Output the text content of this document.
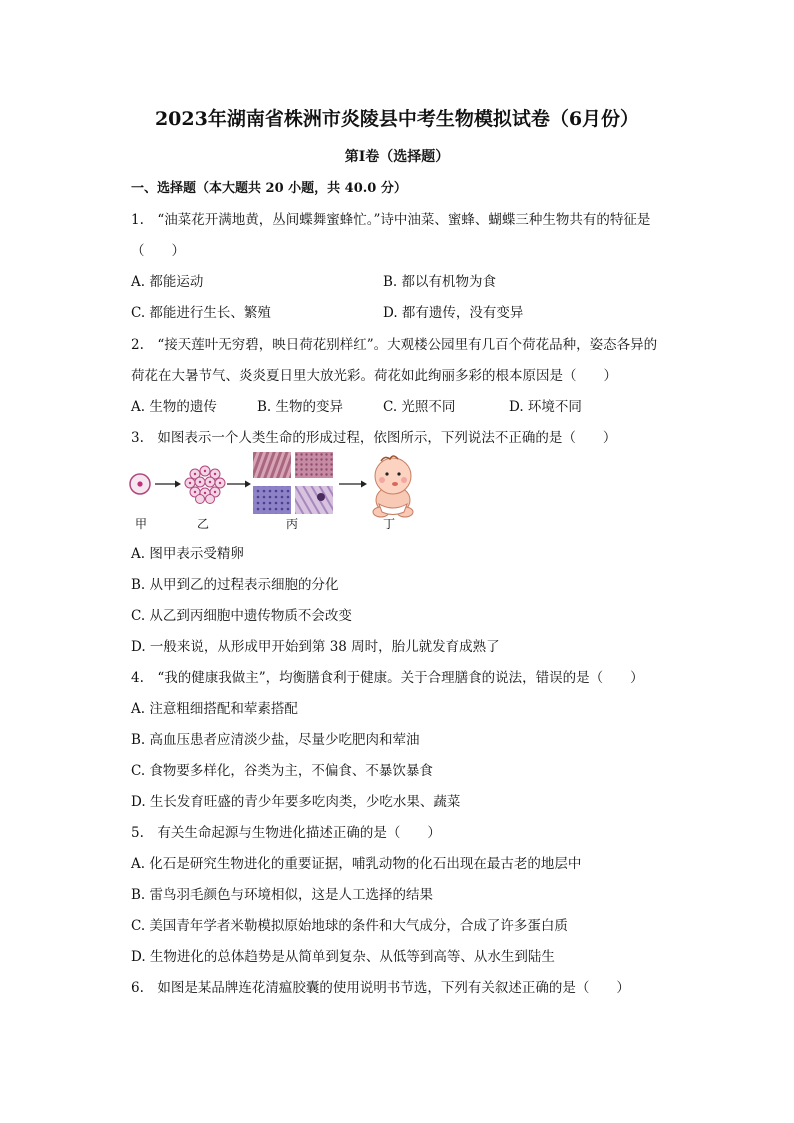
2023年湖南省株洲市炎陵县中考生物模拟试卷（6月份）
第I卷（选择题）
一、选择题（本大题共 20 小题，共 40.0 分）
1.　“油菜花开满地黄，丛间蝶舞蜜蜂忙。”诗中油菜、蜜蜂、蝴蝶三种生物共有的特征是
（　　）
A. 都能运动	B. 都以有机物为食
C. 都能进行生长、繁殖	D. 都有遗传，没有变异
2.　“接天莲叶无穷碧，映日荷花别样红”。大观楼公园里有几百个荷花品种，姿态各异的
荷花在大暑节气、炎炎夏日里大放光彩。荷花如此绚丽多彩的根本原因是（　　）
A. 生物的遗传	B. 生物的变异	C. 光照不同	D. 环境不同
3.　如图表示一个人类生命的形成过程，依图所示，下列说法不正确的是（　　）
甲	乙	丙	丁
A. 图甲表示受精卵
B. 从甲到乙的过程表示细胞的分化
C. 从乙到丙细胞中遗传物质不会改变
D. 一般来说，从形成甲开始到第 38 周时，胎儿就发育成熟了
4.　“我的健康我做主”，均衡膳食利于健康。关于合理膳食的说法，错误的是（　　）
A. 注意粗细搭配和荤素搭配
B. 高血压患者应清淡少盐，尽量少吃肥肉和荤油
C. 食物要多样化，谷类为主，不偏食、不暴饮暴食
D. 生长发育旺盛的青少年要多吃肉类，少吃水果、蔬菜
5.　有关生命起源与生物进化描述正确的是（　　）
A. 化石是研究生物进化的重要证据，哺乳动物的化石出现在最古老的地层中
B. 雷鸟羽毛颜色与环境相似，这是人工选择的结果
C. 美国青年学者米勒模拟原始地球的条件和大气成分，合成了许多蛋白质
D. 生物进化的总体趋势是从简单到复杂、从低等到高等、从水生到陆生
6.　如图是某品牌连花清瘟胶囊的使用说明书节选，下列有关叙述正确的是（　　）
